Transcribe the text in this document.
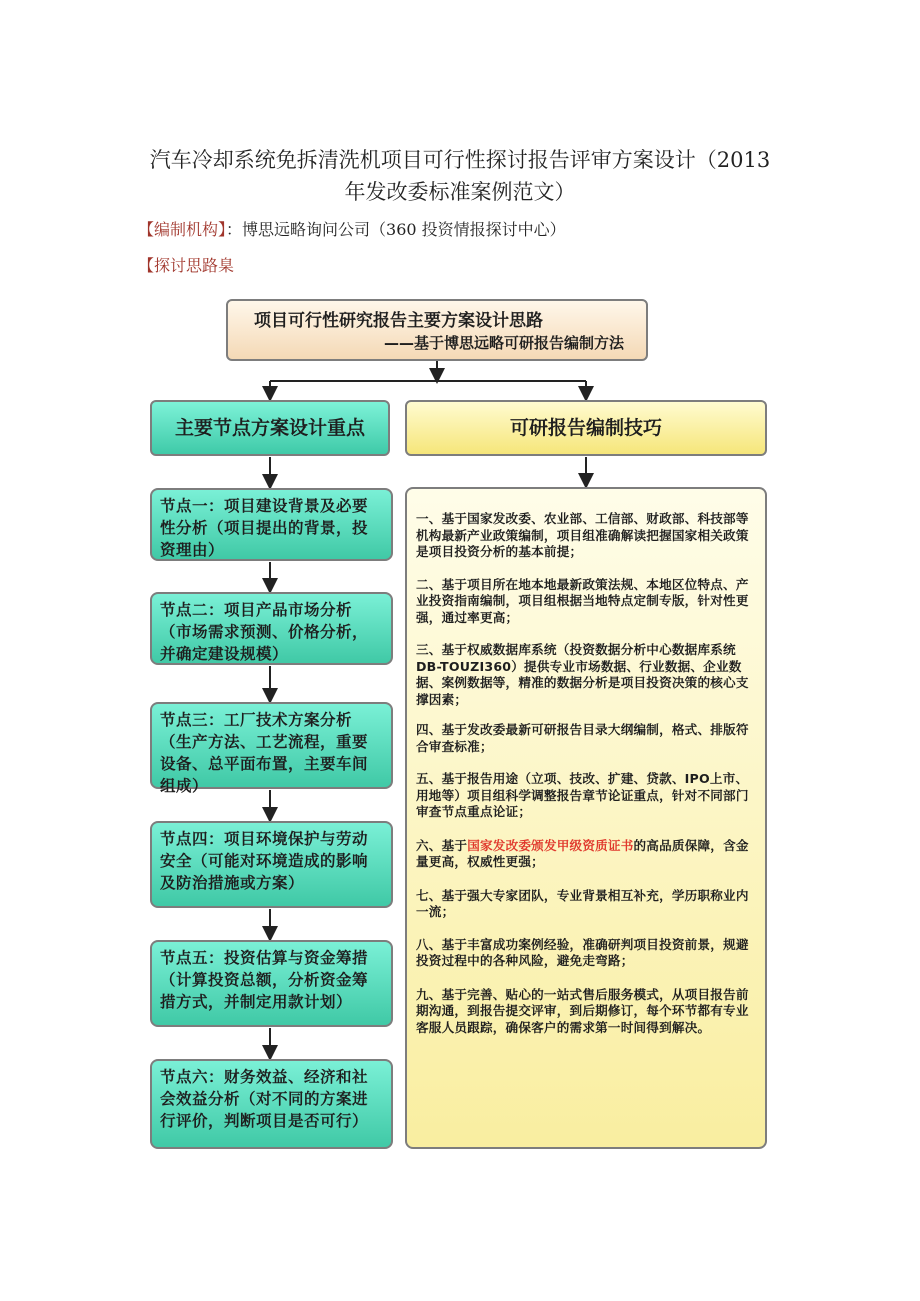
汽车冷却系统免拆清洗机项目可行性探讨报告评审方案设计（2013
年发改委标准案例范文）
【编制机构】：博思远略询问公司（360 投资情报探讨中心）
【探讨思路臬
项目可行性研究报告主要方案设计思路
——基于博思远略可研报告编制方法
主要节点方案设计重点	可研报告编制技巧
节点一：项目建设背景及必要性分析（项目提出的背景，投资理由）
节点二：项目产品市场分析（市场需求预测、价格分析，并确定建设规模）
节点三：工厂技术方案分析（生产方法、工艺流程，重要设备、总平面布置，主要车间组成）
节点四：项目环境保护与劳动安全（可能对环境造成的影响及防治措施或方案）
节点五：投资估算与资金筹措（计算投资总额，分析资金筹措方式，并制定用款计划）
节点六：财务效益、经济和社会效益分析（对不同的方案进行评价，判断项目是否可行）
一、基于国家发改委、农业部、工信部、财政部、科技部等机构最新产业政策编制，项目组准确解读把握国家相关政策是项目投资分析的基本前提；
二、基于项目所在地本地最新政策法规、本地区位特点、产业投资指南编制，项目组根据当地特点定制专版，针对性更强，通过率更高；
三、基于权威数据库系统（投资数据分析中心数据库系统DB-TOUZI360）提供专业市场数据、行业数据、企业数据、案例数据等，精准的数据分析是项目投资决策的核心支撑因素；
四、基于发改委最新可研报告目录大纲编制，格式、排版符合审查标准；
五、基于报告用途（立项、技改、扩建、贷款、IPO上市、用地等）项目组科学调整报告章节论证重点，针对不同部门审查节点重点论证；
六、基于国家发改委颁发甲级资质证书的高品质保障，含金量更高，权威性更强；
七、基于强大专家团队，专业背景相互补充，学历职称业内一流；
八、基于丰富成功案例经验，准确研判项目投资前景，规避投资过程中的各种风险，避免走弯路；
九、基于完善、贴心的一站式售后服务模式，从项目报告前期沟通，到报告提交评审，到后期修订，每个环节都有专业客服人员跟踪，确保客户的需求第一时间得到解决。
